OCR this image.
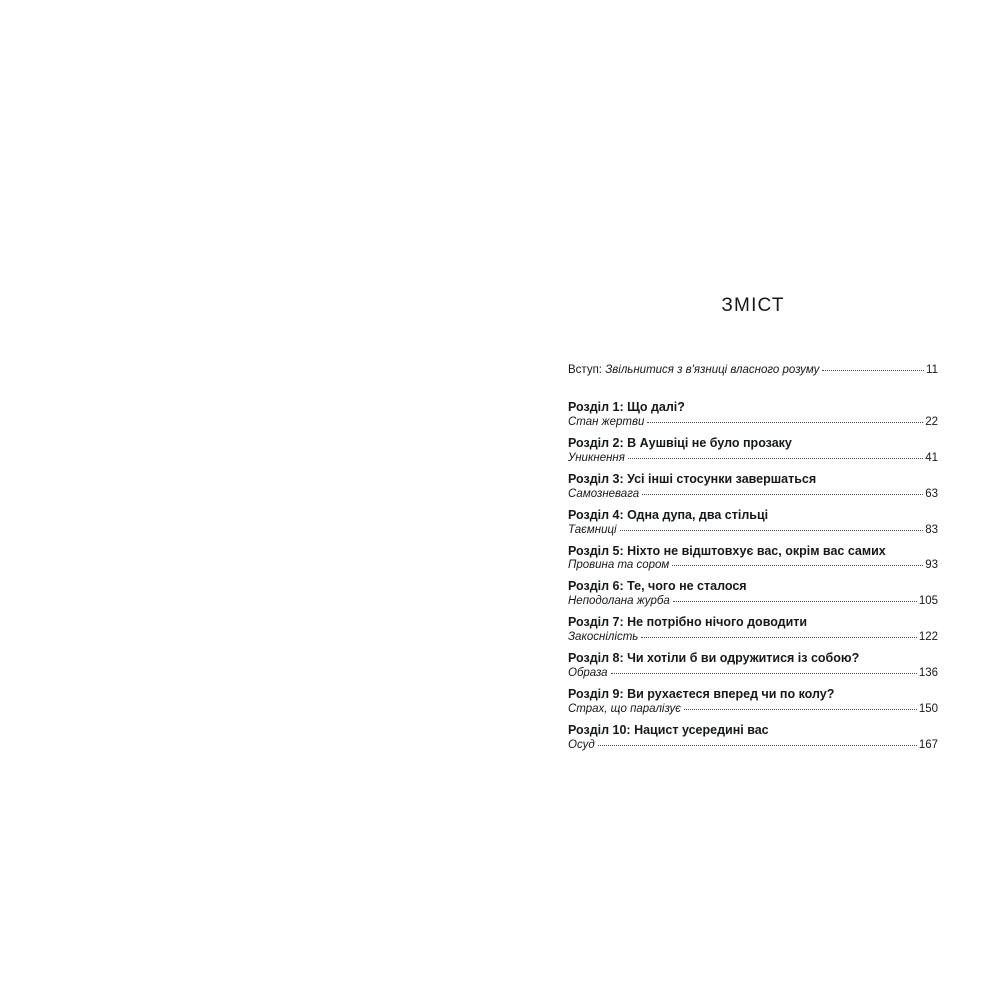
ЗМІСТ
Вступ: Звільнитися з в'язниці власного розуму	11
Розділ 1: Що далі?
Стан жертви	22
Розділ 2: В Аушвіці не було прозаку
Уникнення	41
Розділ 3: Усі інші стосунки завершаться
Самозневага	63
Розділ 4: Одна дупа, два стільці
Таємниці	83
Розділ 5: Ніхто не відштовхує вас, окрім вас самих
Провина та сором	93
Розділ 6: Те, чого не сталося
Неподолана журба	105
Розділ 7: Не потрібно нічого доводити
Закоснілість	122
Розділ 8: Чи хотіли б ви одружитися із собою?
Образа	136
Розділ 9: Ви рухаєтеся вперед чи по колу?
Страх, що паралізує	150
Розділ 10: Нацист усередині вас
Осуд	167
